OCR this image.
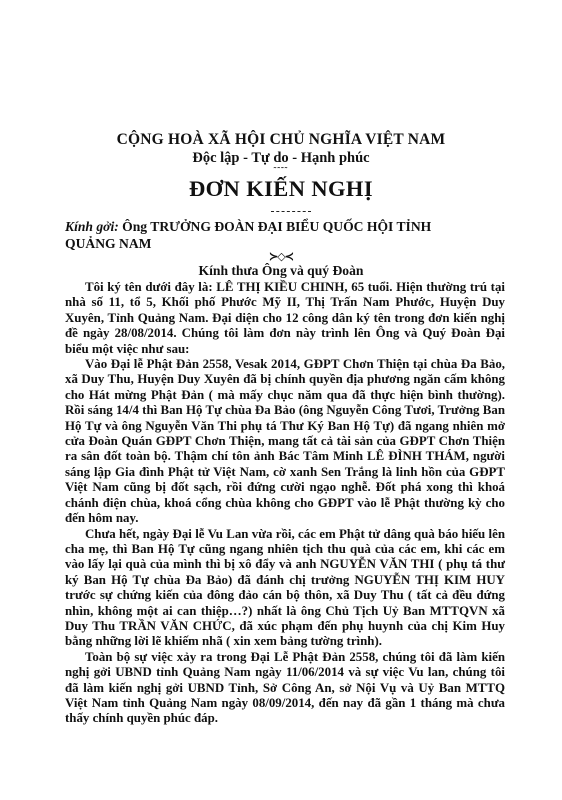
CỘNG HOÀ XÃ HỘI CHỦ NGHĨA VIỆT NAM
Độc lập - Tự do - Hạnh phúc
˜˜˜˜
ĐƠN KIẾN NGHỊ
Kính gởi: Ông TRƯỞNG ĐOÀN ĐẠI BIỂU QUỐC HỘI TỈNH QUẢNG NAM
≻◇≺
Kính thưa Ông và quý Đoàn

Tôi ký tên dưới đây là: LÊ THỊ KIỀU CHINH, 65 tuổi. Hiện thường trú tại nhà số 11, tổ 5, Khối phố Phước Mỹ II, Thị Trấn Nam Phước, Huyện Duy Xuyên, Tỉnh Quảng Nam. Đại diện cho 12 công dân ký tên trong đơn kiến nghị đề ngày 28/08/2014. Chúng tôi làm đơn này trình lên Ông và Quý Đoàn Đại biểu một việc như sau:

Vào Đại lễ Phật Đản 2558, Vesak 2014, GĐPT Chơn Thiện tại chùa Đa Bảo, xã Duy Thu, Huyện Duy Xuyên đã bị chính quyền địa phương ngăn cấm không cho Hát mừng Phật Đản ( mà mấy chục năm qua đã thực hiện bình thường). Rồi sáng 14/4 thì Ban Hộ Tự chùa Đa Bảo (ông Nguyễn Công Tươi, Trưởng Ban Hộ Tự và ông Nguyễn Văn Thi phụ tá Thư Ký Ban Hộ Tự) đã ngang nhiên mở cửa Đoàn Quán GĐPT Chơn Thiện, mang tất cả tài sản của GĐPT Chơn Thiện ra sân đốt toàn bộ. Thậm chí tôn ảnh Bác Tâm Minh LÊ ĐÌNH THÁM, người sáng lập Gia đình Phật tử Việt Nam, cờ xanh Sen Trắng là linh hồn của GĐPT Việt Nam cũng bị đốt sạch, rồi đứng cười ngạo nghễ. Đốt phá xong thì khoá chánh điện chùa, khoá cổng chùa không cho GĐPT vào lễ Phật thường kỳ cho đến hôm nay.

Chưa hết, ngày Đại lễ Vu Lan vừa rồi, các em Phật tử dâng quà báo hiếu lên cha mẹ, thì Ban Hộ Tự cũng ngang nhiên tịch thu quà của các em, khi các em vào lấy lại quà của mình thì bị xô đẩy và anh NGUYỄN VĂN THI ( phụ tá thư ký Ban Hộ Tự chùa Đa Bảo) đã đánh chị trưởng NGUYỄN THỊ KIM HUY trước sự chứng kiến của đông đảo cán bộ thôn, xã Duy Thu ( tất cả đều đứng nhìn, không một ai can thiệp…?) nhất là ông Chủ Tịch Uỷ Ban MTTQVN xã Duy Thu TRẦN VĂN CHỨC, đã xúc phạm đến phụ huynh của chị Kim Huy bằng những lời lẽ khiếm nhã ( xin xem bảng tường trình).

Toàn bộ sự việc xảy ra trong Đại Lễ Phật Đản 2558, chúng tôi đã làm kiến nghị gởi UBND tỉnh Quảng Nam ngày 11/06/2014 và sự việc Vu lan, chúng tôi đã làm kiến nghị gởi UBND Tỉnh, Sở Công An, sở Nội Vụ và Uỷ Ban MTTQ Việt Nam tỉnh Quảng Nam ngày 08/09/2014, đến nay đã gần 1 tháng mà chưa thấy chính quyền phúc đáp.
